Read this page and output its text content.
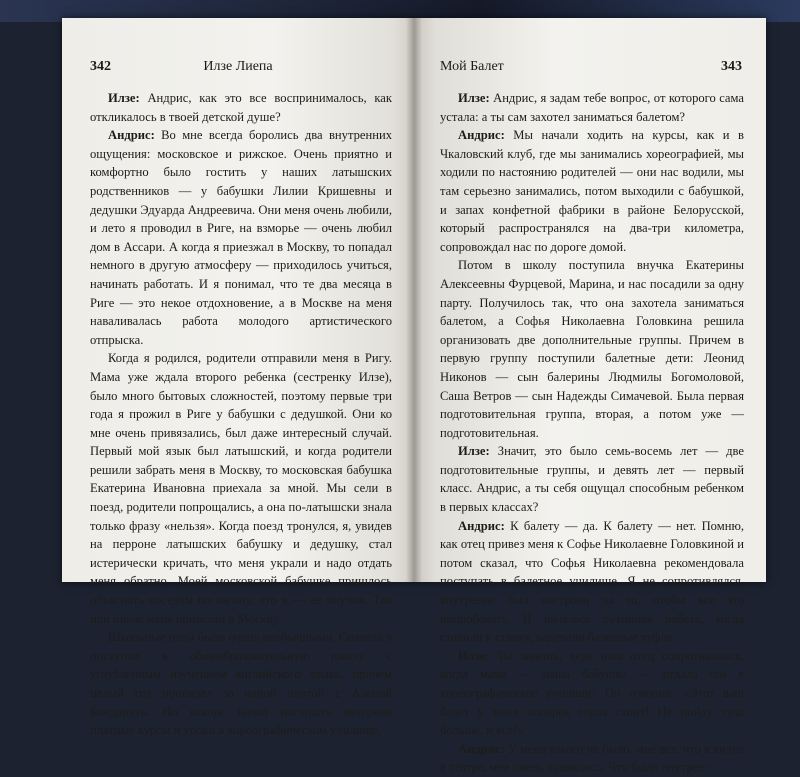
342	Илзе Лиепа

Илзе: Андрис, как это все воспринималось, как откликалось в твоей детской душе?

Андрис: Во мне всегда боролись два внутренних ощущения: московское и рижское. Очень приятно и комфортно было гостить у наших латышских родственников — у бабушки Лилии Кришевны и дедушки Эдуарда Андреевича. Они меня очень любили, и лето я проводил в Риге, на взморье — очень любил дом в Ассари. А когда я приезжал в Москву, то попадал немного в другую атмосферу — приходилось учиться, начинать работать. И я понимал, что те два месяца в Риге — это некое отдохновение, а в Москве на меня наваливалась работа молодого артистического отпрыска.

Когда я родился, родители отправили меня в Ригу. Мама уже ждала второго ребенка (сестренку Илзе), было много бытовых сложностей, поэтому первые три года я прожил в Риге у бабушки с дедушкой. Они ко мне очень привязались, был даже интересный случай. Первый мой язык был латышский, и когда родители решили забрать меня в Москву, то московская бабушка Екатерина Ивановна приехала за мной. Мы сели в поезд, родители попрощались, а она по-латышски знала только фразу «нельзя». Когда поезд тронулся, я, увидев на перроне латышских бабушку и дедушку, стал истерически кричать, что меня украли и надо отдать меня обратно. Моей московской бабушке пришлось объяснять соседям по вагону, что я — ее внучок. Так или иначе меня привезли в Москву.

Школьные годы были очень необычными. Сначала я поступил в общеобразовательную школу с углубленным изучением английского языка, причем целый год просидел за одной партой с Аленой Бондарчук. Но вскоре начал посещать вечерние платные курсы и уроки в хореографическом училище.

Мой Балет	343

Илзе: Андрис, я задам тебе вопрос, от которого сама устала: а ты сам захотел заниматься балетом?

Андрис: Мы начали ходить на курсы, как и в Чкаловский клуб, где мы занимались хореографией, мы ходили по настоянию родителей — они нас водили, мы там серьезно занимались, потом выходили с бабушкой, и запах конфетной фабрики в районе Белорусской, который распространялся на два-три километра, сопровождал нас по дороге домой.

Потом в школу поступила внучка Екатерины Алексеевны Фурцевой, Марина, и нас посадили за одну парту. Получилось так, что она захотела заниматься балетом, а Софья Николаевна Головкина решила организовать две дополнительные группы. Причем в первую группу поступили балетные дети: Леонид Никонов — сын балерины Людмилы Богомоловой, Саша Ветров — сын Надежды Симачевой. Была первая подготовительная группа, вторая, а потом уже — подготовительная.

Илзе: Значит, это было семь-восемь лет — две подготовительные группы, и девять лет — первый класс. Андрис, а ты себя ощущал способным ребенком в первых классах?

Андрис: К балету — да. К балету — нет. Помню, как отец привез меня к Софье Николаевне Головкиной и потом сказал, что Софья Николаевна рекомендовала поступать в балетное училище. Я не сопротивлялся, внутренне был настроен на то, чтобы все это попробовать. И началась рутинная работа, когда ставили к станку, надевали балетные туфли.

Илзе: Ты знаешь, ведь наш отец сопротивлялся, когда мама — наша бабушка — отдала его в хореографическое училище. Он говорил: «Этот ваш балет у меня поперек горла стоит! Не пойду туда больше, и все!»

Андрис: У меня такого не было, мне все, что я видел в театре, мне очень нравилось. Что было внутрен-
